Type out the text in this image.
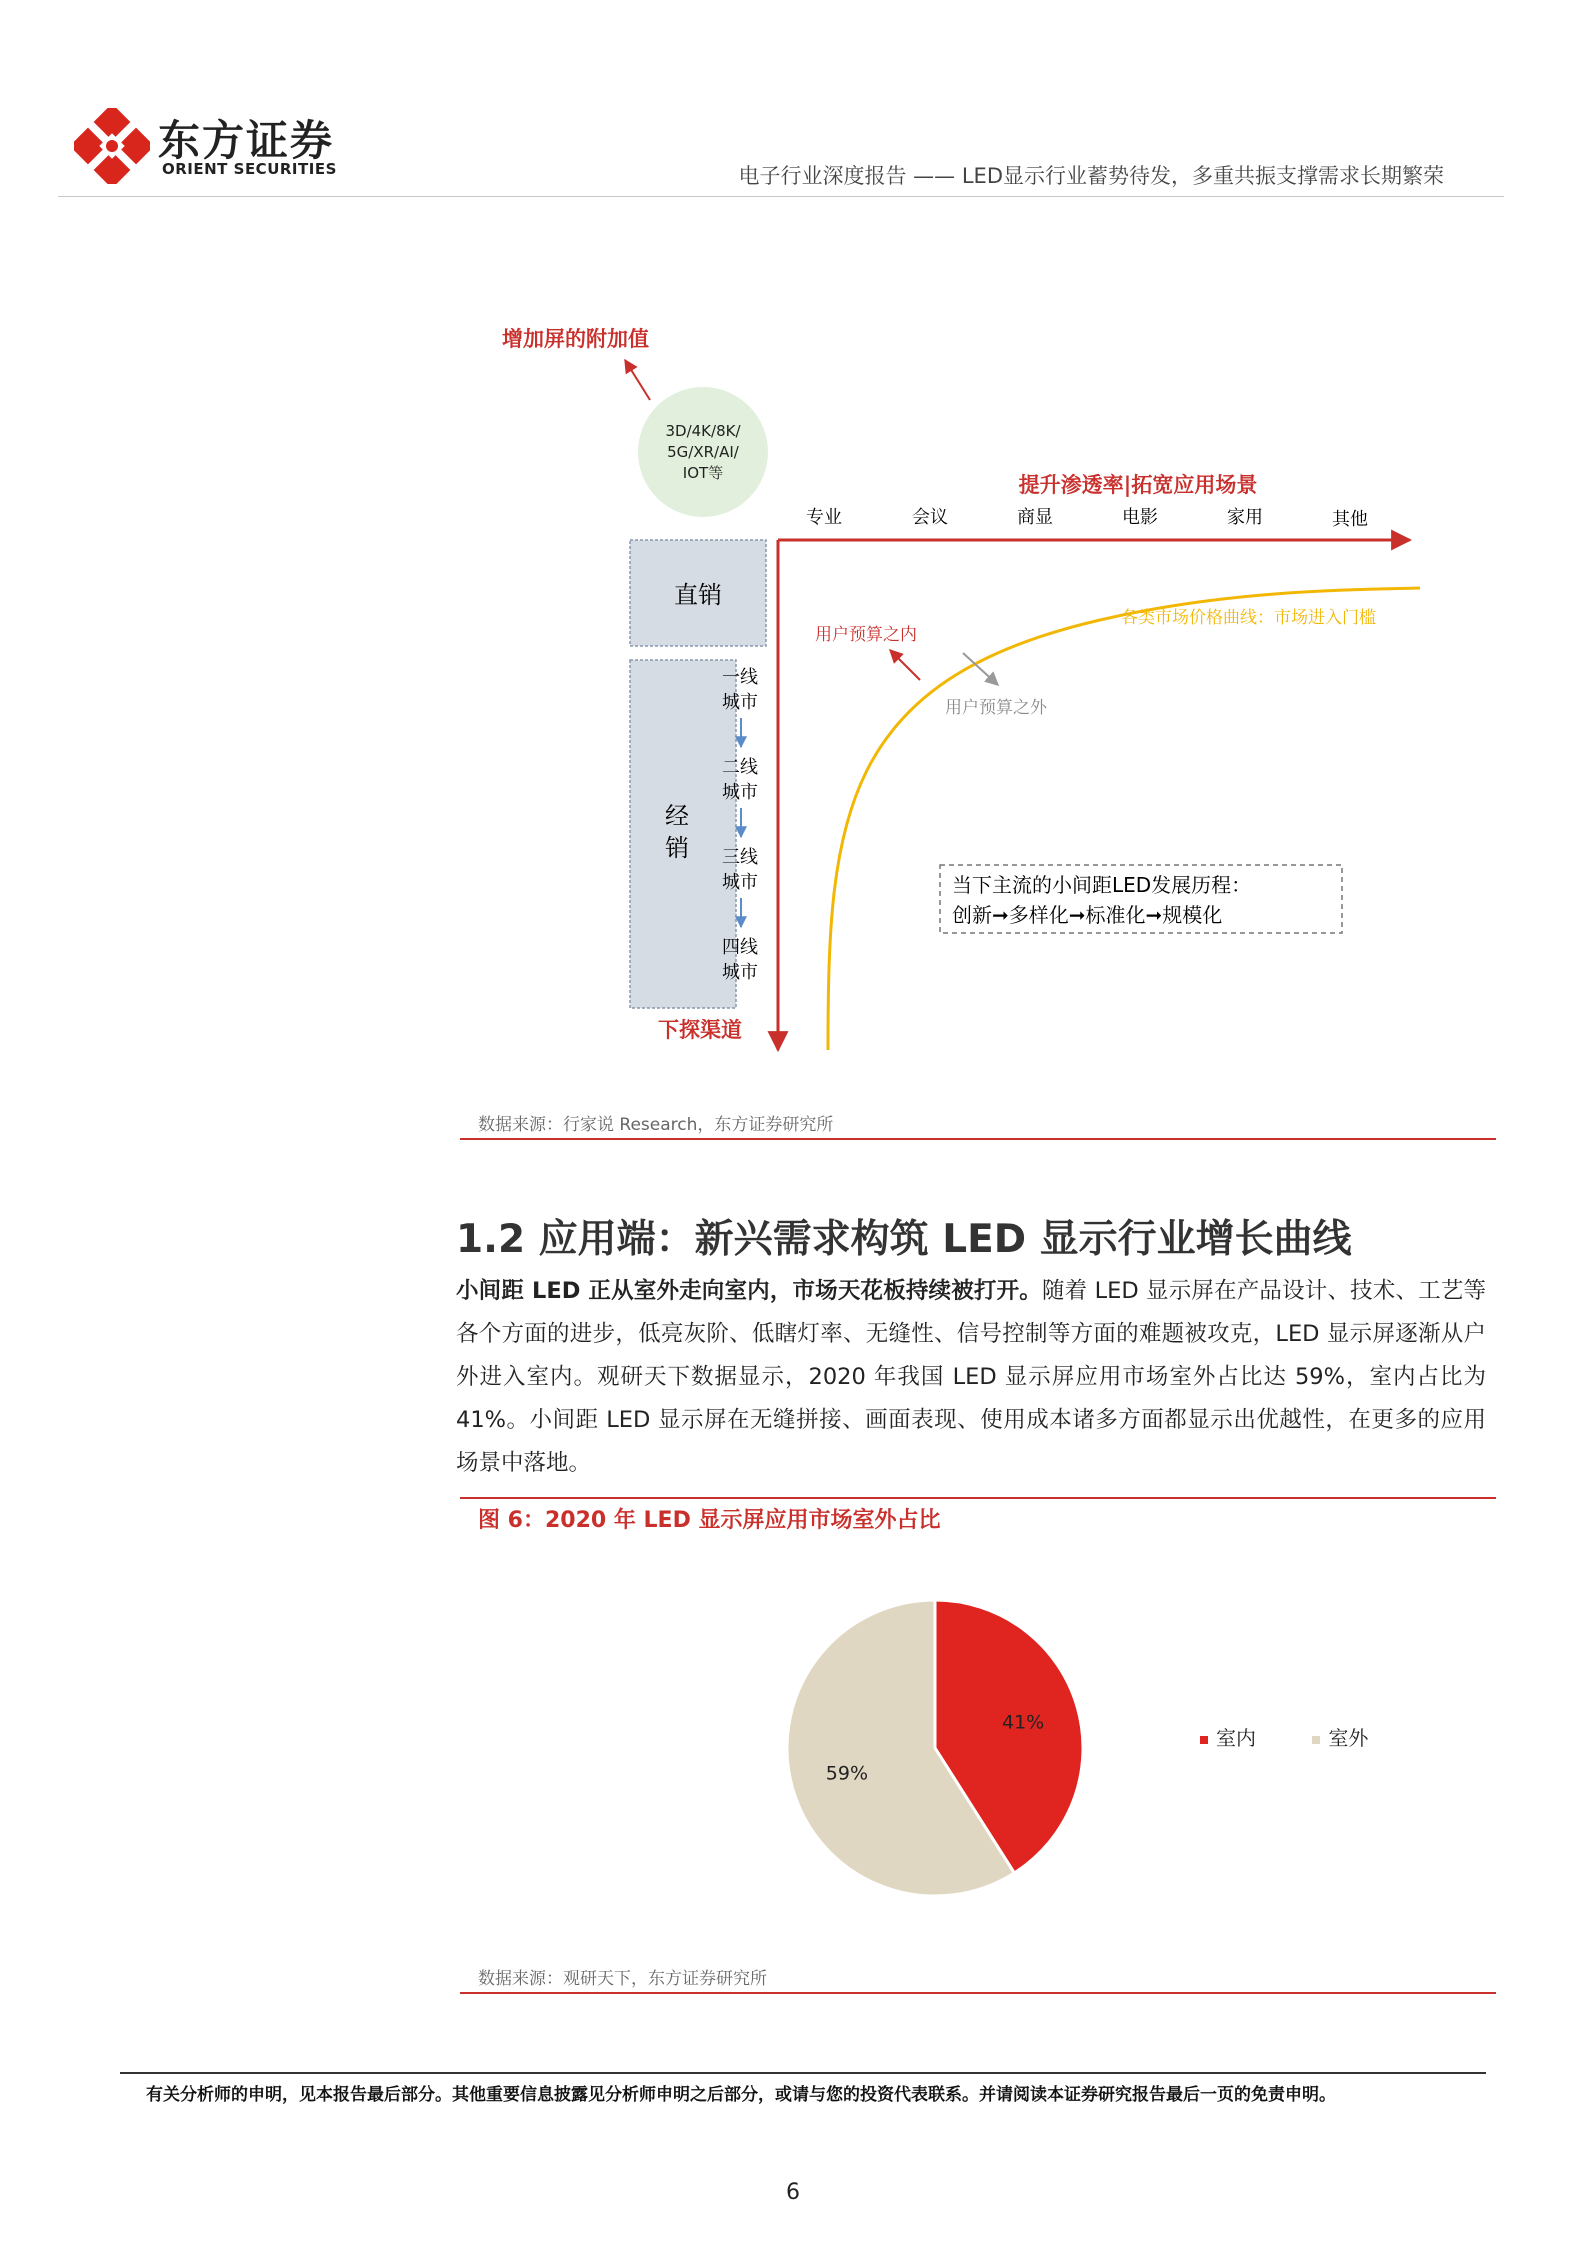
东方证券
ORIENT SECURITIES	电子行业深度报告 —— LED显示行业蓄势待发，多重共振支撑需求长期繁荣
增加屏的附加值
3D/4K/8K/
5G/XR/AI/
IOT等	提升渗透率|拓宽应用场景
专业	会议	商显	电影	家用	其他
直销
经
销
一线
城市
二线
城市
三线
城市
四线
城市
下探渠道
各类市场价格曲线：市场进入门槛
用户预算之内
用户预算之外
当下主流的小间距LED发展历程：
创新➞多样化➞标准化➞规模化
数据来源：行家说 Research，东方证券研究所
1.2 应用端：新兴需求构筑 LED 显示行业增长曲线
小间距 LED 正从室外走向室内，市场天花板持续被打开。随着 LED 显示屏在产品设计、技术、工艺等各个方面的进步，低亮灰阶、低瞎灯率、无缝性、信号控制等方面的难题被攻克，LED 显示屏逐渐从户外进入室内。观研天下数据显示，2020 年我国 LED 显示屏应用市场室外占比达 59%，室内占比为 41%。小间距 LED 显示屏在无缝拼接、画面表现、使用成本诸多方面都显示出优越性，在更多的应用场景中落地。
图 6：2020 年 LED 显示屏应用市场室外占比
41%
59%
室内	室外
数据来源：观研天下，东方证券研究所
有关分析师的申明，见本报告最后部分。其他重要信息披露见分析师申明之后部分，或请与您的投资代表联系。并请阅读本证券研究报告最后一页的免责申明。
6
